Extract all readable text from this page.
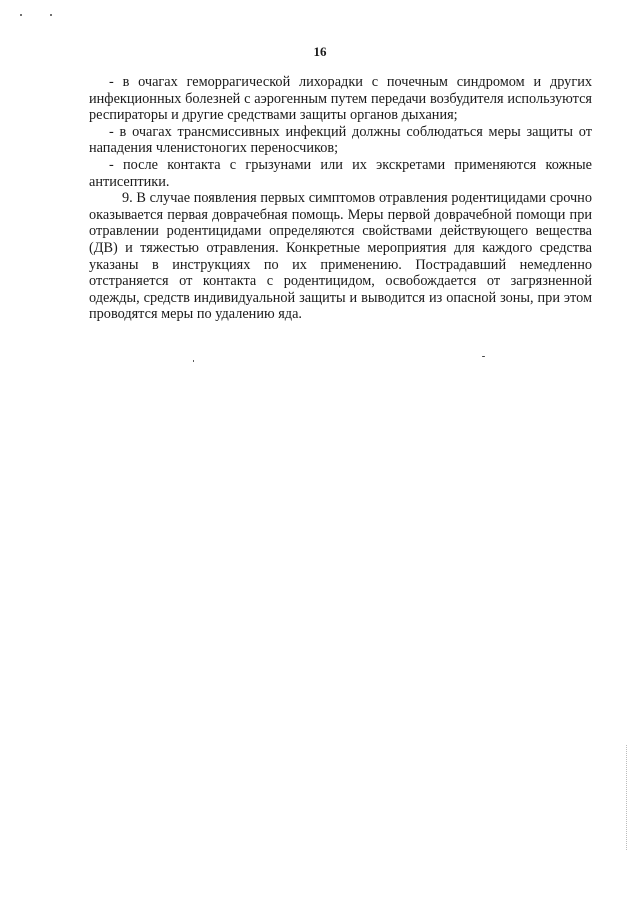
16

- в очагах геморрагической лихорадки с почечным синдромом и других инфекционных болезней с аэрогенным путем передачи возбудителя используются респираторы и другие средствами защиты органов дыхания;

- в очагах трансмиссивных инфекций должны соблюдаться меры защиты от нападения членистоногих переносчиков;

- после контакта с грызунами или их экскретами применяются кожные антисептики.

9. В случае появления первых симптомов отравления родентицидами срочно оказывается первая доврачебная помощь. Меры первой доврачебной помощи при отравлении родентицидами определяются свойствами действующего вещества (ДВ) и тяжестью отравления. Конкретные мероприятия для каждого средства указаны в инструкциях по их применению. Пострадавший немедленно отстраняется от контакта с родентицидом, освобождается от загрязненной одежды, средств индивидуальной защиты и выводится из опасной зоны, при этом проводятся меры по удалению яда.
